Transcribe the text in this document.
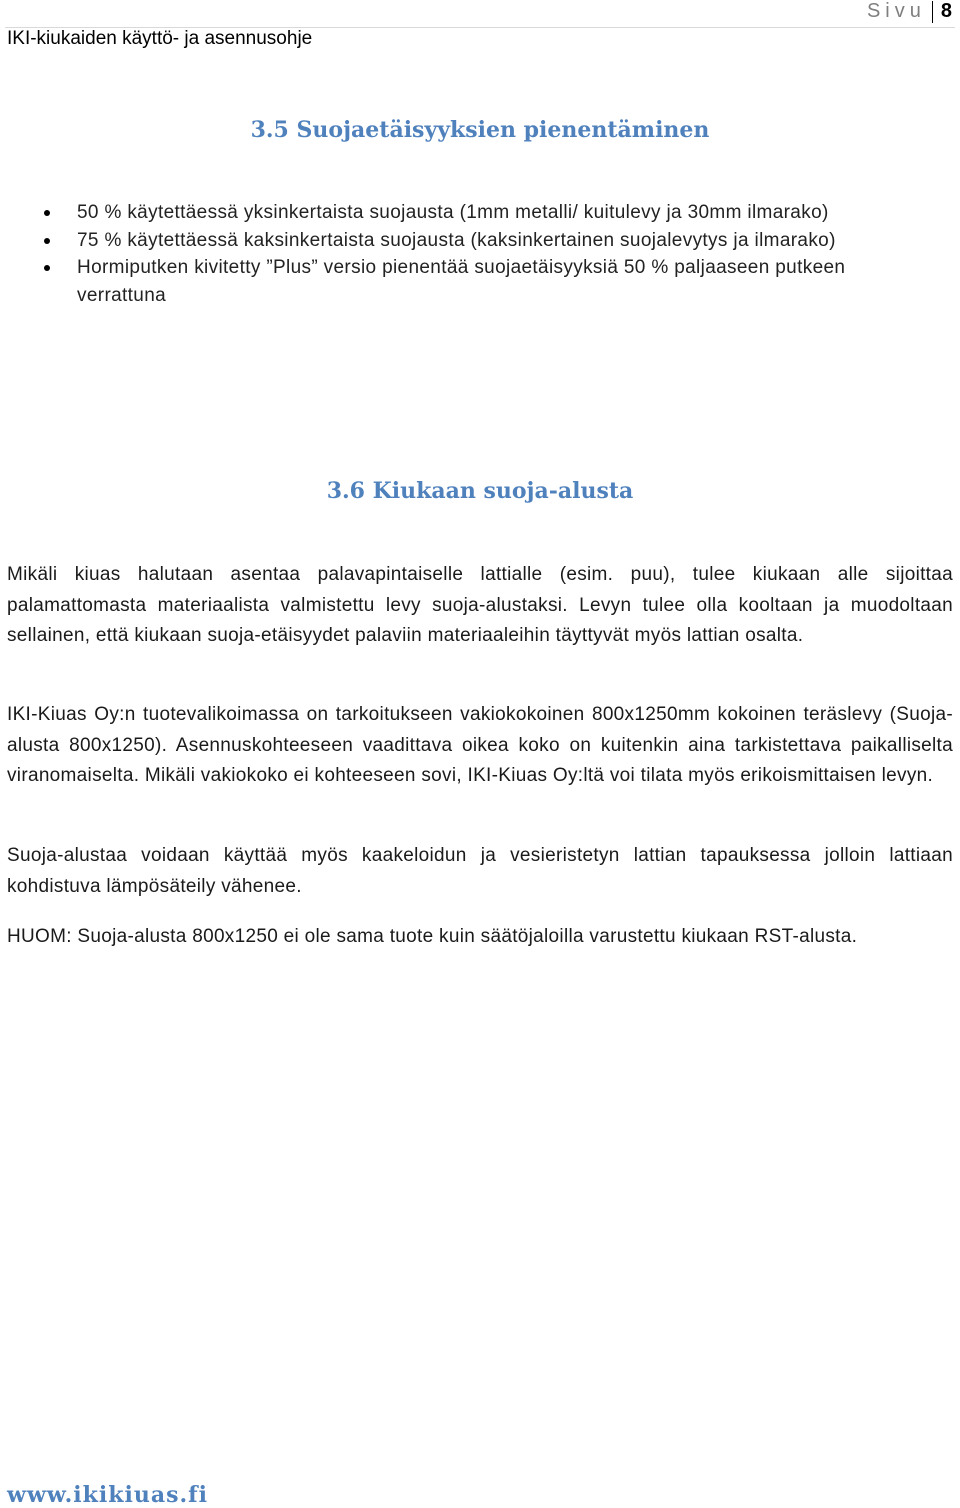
Sivu 8
IKI-kiukaiden käyttö- ja asennusohje
3.5 Suojaetäisyyksien pienentäminen
50 % käytettäessä yksinkertaista suojausta (1mm metalli/ kuitulevy ja 30mm ilmarako)
75 % käytettäessä kaksinkertaista suojausta (kaksinkertainen suojalevytys ja ilmarako)
Hormiputken kivitetty ”Plus” versio pienentää suojaetäisyyksiä 50 % paljaaseen putkeen verrattuna
3.6 Kiukaan suoja-alusta

Mikäli kiuas halutaan asentaa palavapintaiselle lattialle (esim. puu), tulee kiukaan alle sijoittaa palamattomasta materiaalista valmistettu levy suoja-alustaksi. Levyn tulee olla kooltaan ja muodoltaan sellainen, että kiukaan suoja-etäisyydet palaviin materiaaleihin täyttyvät myös lattian osalta.

IKI-Kiuas Oy:n tuotevalikoimassa on tarkoitukseen vakiokokoinen 800x1250mm kokoinen teräslevy (Suoja-alusta 800x1250). Asennuskohteeseen vaadittava oikea koko on kuitenkin aina tarkistettava paikalliselta viranomaiselta. Mikäli vakiokoko ei kohteeseen sovi, IKI-Kiuas Oy:ltä voi tilata myös erikoismittaisen levyn.

Suoja-alustaa voidaan käyttää myös kaakeloidun ja vesieristetyn lattian tapauksessa jolloin lattiaan kohdistuva lämpösäteily vähenee.

HUOM: Suoja-alusta 800x1250 ei ole sama tuote kuin säätöjaloilla varustettu kiukaan RST-alusta.

www.ikikiuas.fi
